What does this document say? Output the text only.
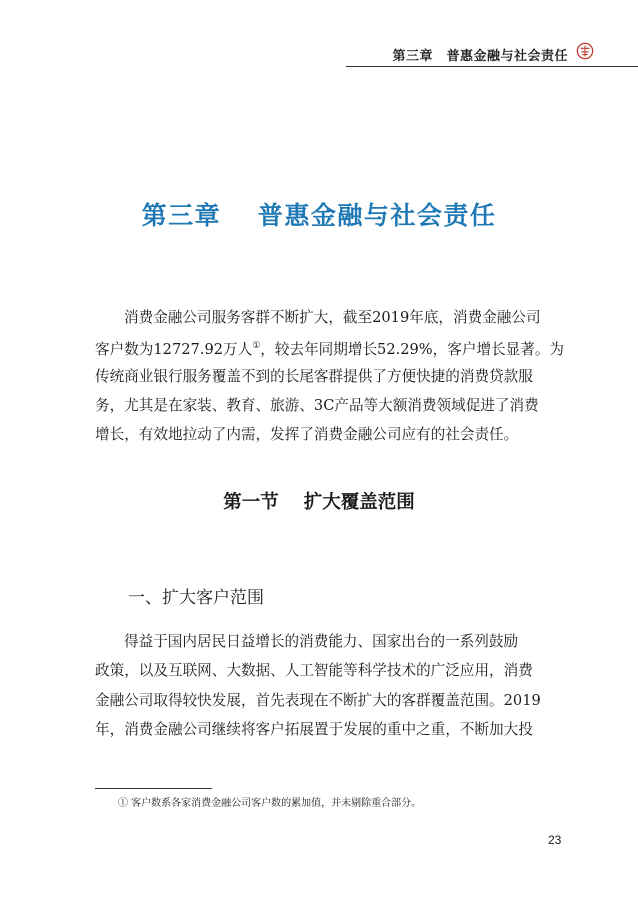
第三章　普惠金融与社会责任
第三章　 普惠金融与社会责任
消费金融公司服务客群不断扩大，截至2019年底，消费金融公司
客户数为12727.92万人①，较去年同期增长52.29%，客户增长显著。为
传统商业银行服务覆盖不到的长尾客群提供了方便快捷的消费贷款服
务，尤其是在家装、教育、旅游、3C产品等大额消费领域促进了消费
增长，有效地拉动了内需，发挥了消费金融公司应有的社会责任。
第一节　 扩大覆盖范围
一、扩大客户范围
得益于国内居民日益增长的消费能力、国家出台的一系列鼓励
政策，以及互联网、大数据、人工智能等科学技术的广泛应用，消费
金融公司取得较快发展，首先表现在不断扩大的客群覆盖范围。2019
年，消费金融公司继续将客户拓展置于发展的重中之重，不断加大投
① 客户数系各家消费金融公司客户数的累加值，并未剔除重合部分。
23
